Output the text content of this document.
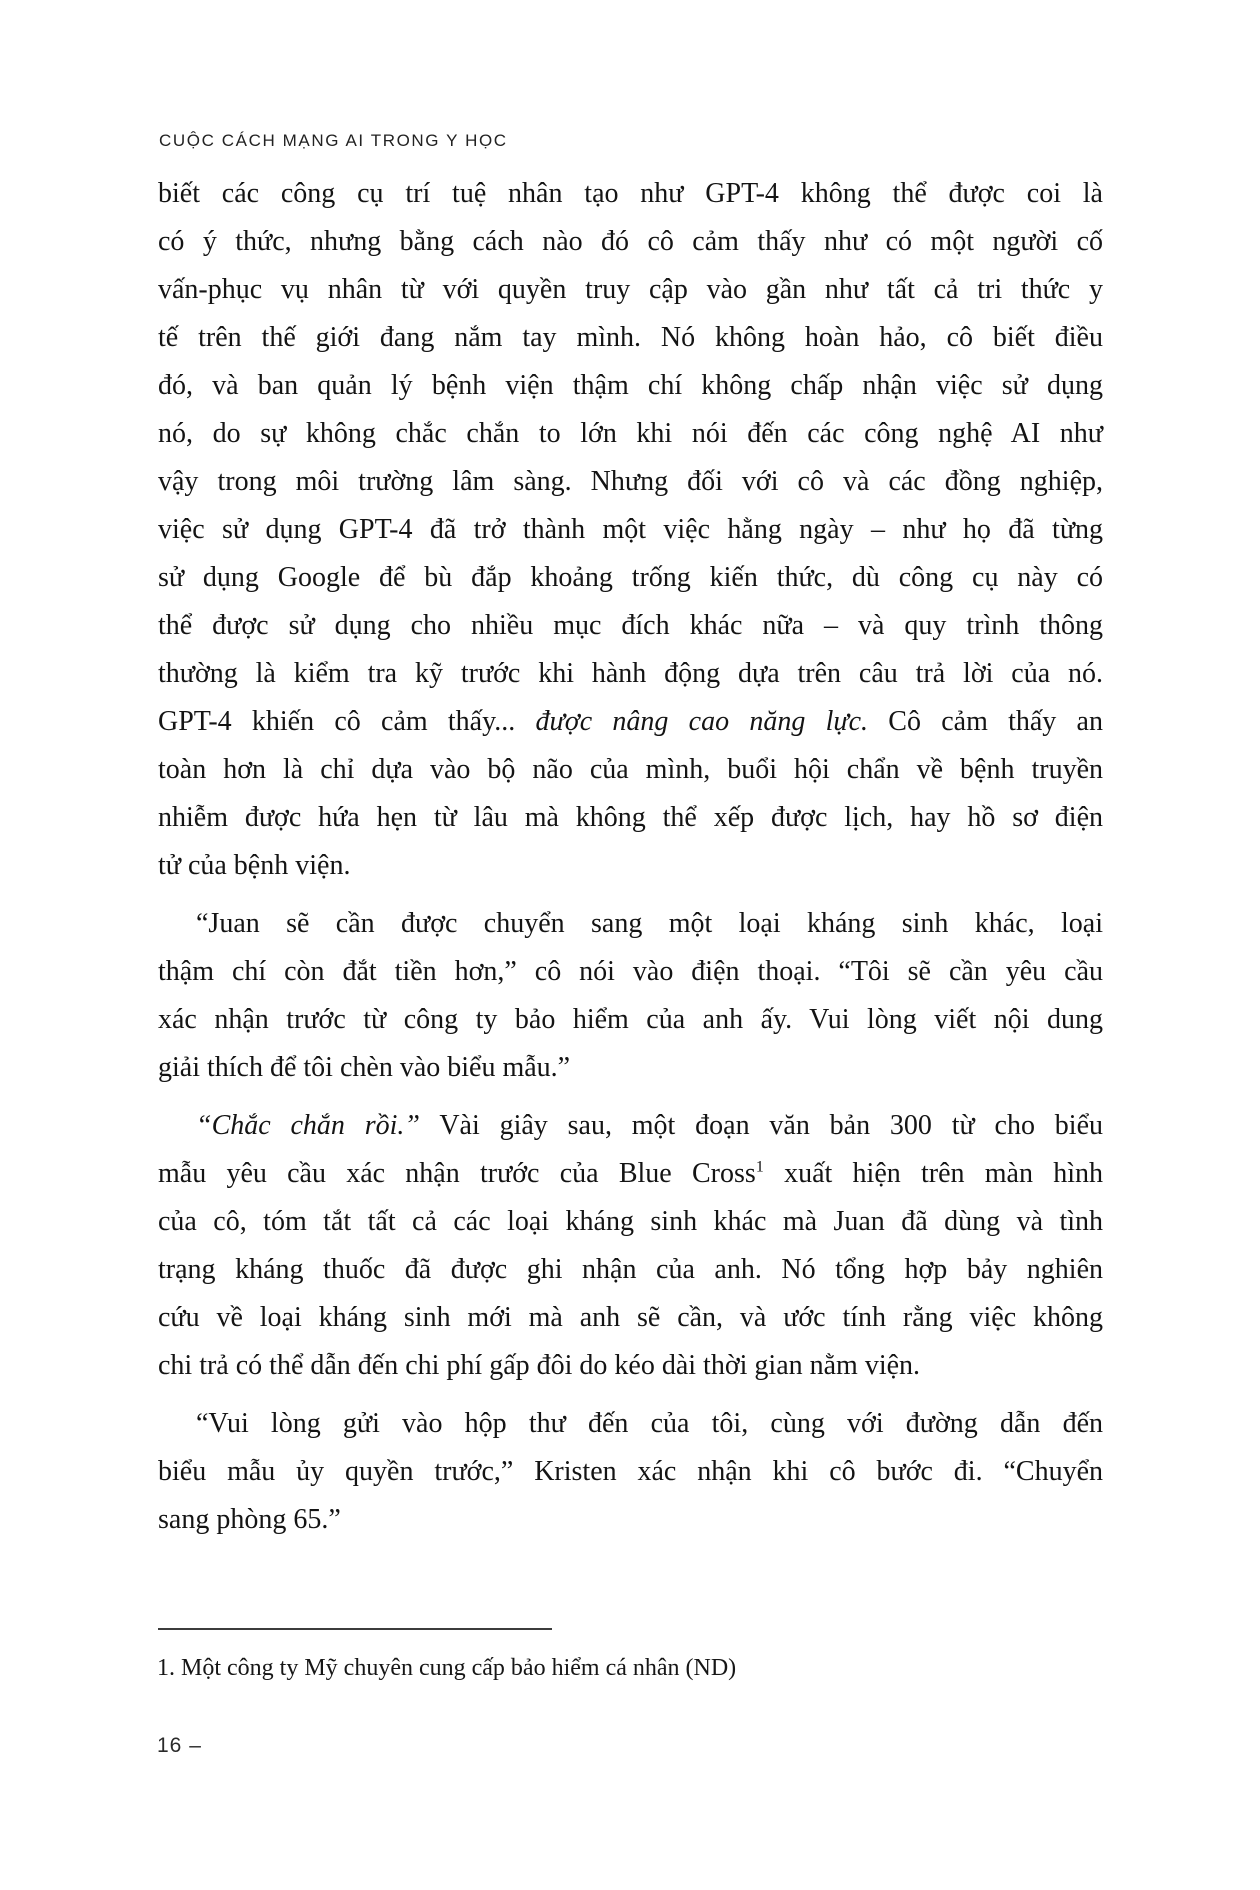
CUỘC CÁCH MẠNG AI TRONG Y HỌC
biết các công cụ trí tuệ nhân tạo như GPT-4 không thể được coi là
có ý thức, nhưng bằng cách nào đó cô cảm thấy như có một người cố
vấn-phục vụ nhân từ với quyền truy cập vào gần như tất cả tri thức y
tế trên thế giới đang nắm tay mình. Nó không hoàn hảo, cô biết điều
đó, và ban quản lý bệnh viện thậm chí không chấp nhận việc sử dụng
nó, do sự không chắc chắn to lớn khi nói đến các công nghệ AI như
vậy trong môi trường lâm sàng. Nhưng đối với cô và các đồng nghiệp,
việc sử dụng GPT-4 đã trở thành một việc hằng ngày – như họ đã từng
sử dụng Google để bù đắp khoảng trống kiến thức, dù công cụ này có
thể được sử dụng cho nhiều mục đích khác nữa – và quy trình thông
thường là kiểm tra kỹ trước khi hành động dựa trên câu trả lời của nó.
GPT-4 khiến cô cảm thấy... được nâng cao năng lực. Cô cảm thấy an
toàn hơn là chỉ dựa vào bộ não của mình, buổi hội chẩn về bệnh truyền
nhiễm được hứa hẹn từ lâu mà không thể xếp được lịch, hay hồ sơ điện
tử của bệnh viện.
“Juan sẽ cần được chuyển sang một loại kháng sinh khác, loại
thậm chí còn đắt tiền hơn,” cô nói vào điện thoại. “Tôi sẽ cần yêu cầu
xác nhận trước từ công ty bảo hiểm của anh ấy. Vui lòng viết nội dung
giải thích để tôi chèn vào biểu mẫu.”
“Chắc chắn rồi.” Vài giây sau, một đoạn văn bản 300 từ cho biểu
mẫu yêu cầu xác nhận trước của Blue Cross$^1$ xuất hiện trên màn hình
của cô, tóm tắt tất cả các loại kháng sinh khác mà Juan đã dùng và tình
trạng kháng thuốc đã được ghi nhận của anh. Nó tổng hợp bảy nghiên
cứu về loại kháng sinh mới mà anh sẽ cần, và ước tính rằng việc không
chi trả có thể dẫn đến chi phí gấp đôi do kéo dài thời gian nằm viện.
“Vui lòng gửi vào hộp thư đến của tôi, cùng với đường dẫn đến
biểu mẫu ủy quyền trước,” Kristen xác nhận khi cô bước đi. “Chuyển
sang phòng 65.”
1. Một công ty Mỹ chuyên cung cấp bảo hiểm cá nhân (ND)
16 –
